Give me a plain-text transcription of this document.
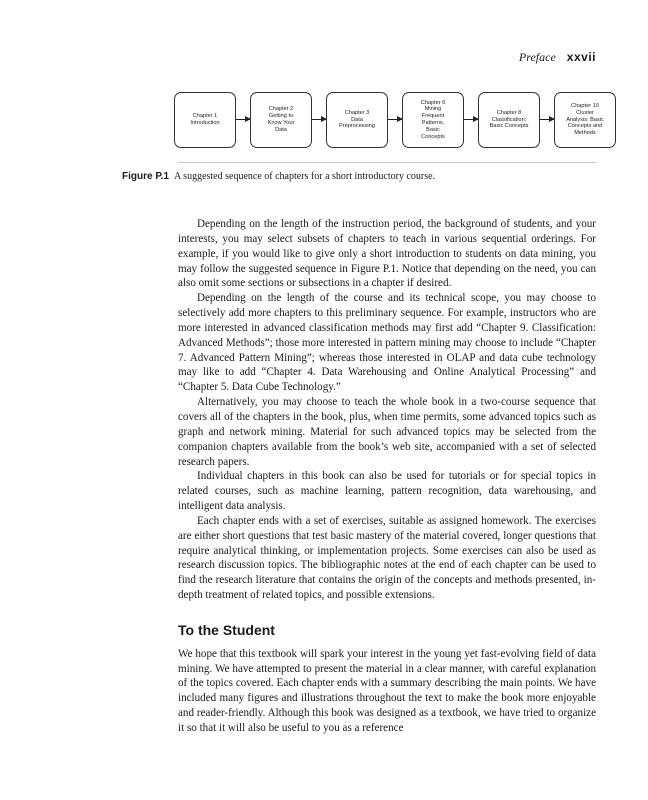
Preface xxvii
Chapter 1
Introduction
Chapter 2
Getting to
Know Your
Data
Chapter 3
Data
Preprocessing
Chapter 6
Mining
Frequent
Patterns,
Basic
Concepts
Chapter 8
Classification:
Basic Concepts
Chapter 10
Cluster
Analysis: Basic
Concepts and
Methods
Figure P.1 A suggested sequence of chapters for a short introductory course.

Depending on the length of the instruction period, the background of students, and your interests, you may select subsets of chapters to teach in various sequential orderings. For example, if you would like to give only a short introduction to students on data mining, you may follow the suggested sequence in Figure P.1. Notice that depending on the need, you can also omit some sections or subsections in a chapter if desired.

Depending on the length of the course and its technical scope, you may choose to selectively add more chapters to this preliminary sequence. For example, instructors who are more interested in advanced classification methods may first add “Chapter 9. Classification: Advanced Methods”; those more interested in pattern mining may choose to include “Chapter 7. Advanced Pattern Mining”; whereas those interested in OLAP and data cube technology may like to add “Chapter 4. Data Warehousing and Online Analytical Processing” and “Chapter 5. Data Cube Technology.”

Alternatively, you may choose to teach the whole book in a two-course sequence that covers all of the chapters in the book, plus, when time permits, some advanced topics such as graph and network mining. Material for such advanced topics may be selected from the companion chapters available from the book’s web site, accompanied with a set of selected research papers.

Individual chapters in this book can also be used for tutorials or for special topics in related courses, such as machine learning, pattern recognition, data warehousing, and intelligent data analysis.

Each chapter ends with a set of exercises, suitable as assigned homework. The exercises are either short questions that test basic mastery of the material covered, longer questions that require analytical thinking, or implementation projects. Some exercises can also be used as research discussion topics. The bibliographic notes at the end of each chapter can be used to find the research literature that contains the origin of the concepts and methods presented, in-depth treatment of related topics, and possible extensions.

To the Student

We hope that this textbook will spark your interest in the young yet fast-evolving field of data mining. We have attempted to present the material in a clear manner, with careful explanation of the topics covered. Each chapter ends with a summary describing the main points. We have included many figures and illustrations throughout the text to make the book more enjoyable and reader-friendly. Although this book was designed as a textbook, we have tried to organize it so that it will also be useful to you as a reference
